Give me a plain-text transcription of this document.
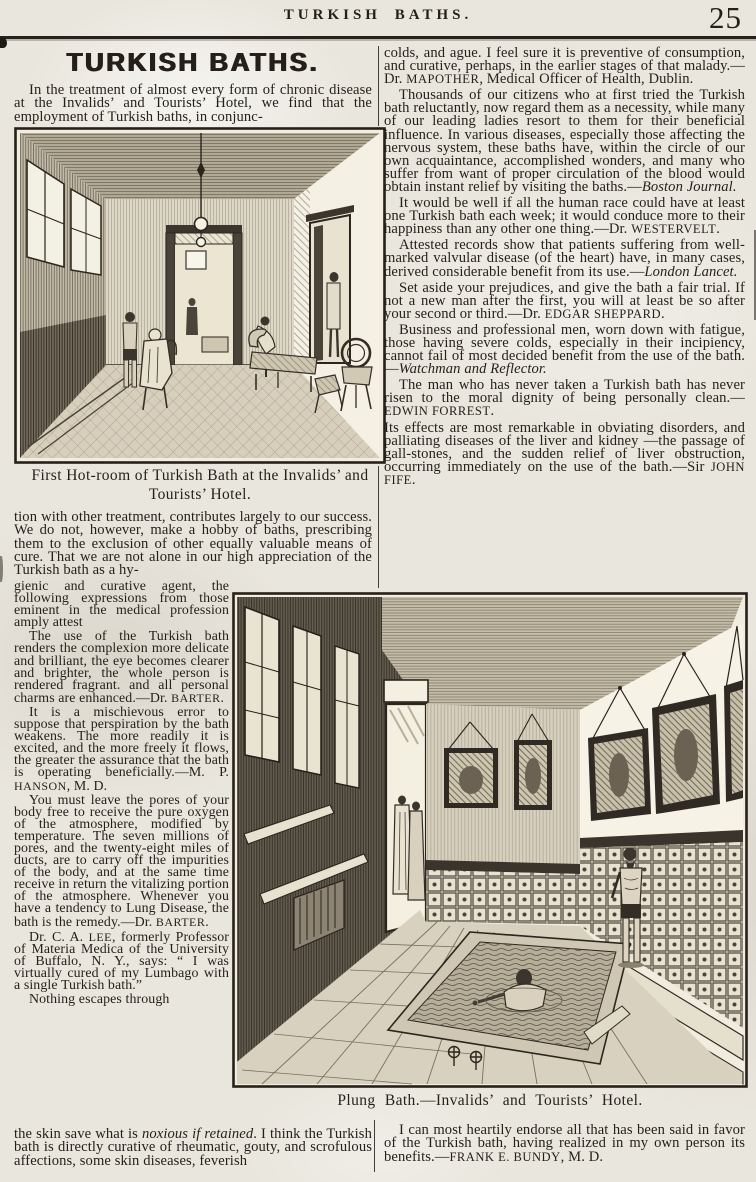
TURKISH BATHS.	25
TURKISH BATHS.

In the treatment of almost every form of chronic disease at the Invalids’ and Tourists’ Hotel, we find that the employment of Turkish baths, in conjunc-

First Hot-room of Turkish Bath at the Invalids’ and Tourists’ Hotel.

tion with other treatment, contributes largely to our success. We do not, however, make a hobby of baths, prescribing them to the exclusion of other equally valuable means of cure. That we are not alone in our high appreciation of the Turkish bath as a hy-

gienic and curative agent, the following expressions from those eminent in the medical profession amply attest

The use of the Turkish bath renders the complexion more delicate and brilliant, the eye becomes clearer and brighter, the whole person is rendered fragrant. and all personal charms are enhanced.—Dr. BARTER.

It is a mischievous error to suppose that perspiration by the bath weakens. The more readily it is excited, and the more freely it flows, the greater the assurance that the bath is operating beneficially.—M. P. HANSON, M. D.

You must leave the pores of your body free to receive the pure oxygen of the atmosphere, modified by temperature. The seven millions of pores, and the twenty-eight miles of ducts, are to carry off the impurities of the body, and at the same time receive in return the vitalizing portion of the atmosphere. Whenever you have a tendency to Lung Disease, the bath is the remedy.—Dr. BARTER.

Dr. C. A. LEE, formerly Professor of Materia Medica of the University of Buffalo, N. Y., says: “ I was virtually cured of my Lumbago with a single Turkish bath.”

Nothing escapes through

the skin save what is noxious if retained. I think the Turkish bath is directly curative of rheumatic, gouty, and scrofulous affections, some skin diseases, feverish

colds, and ague. I feel sure it is preventive of consumption, and curative, perhaps, in the earlier stages of that malady.—Dr. MAPOTHER, Medical Officer of Health, Dublin.

Thousands of our citizens who at first tried the Turkish bath reluctantly, now regard them as a necessity, while many of our leading ladies resort to them for their beneficial influence. In various diseases, especially those affecting the nervous system, these baths have, within the circle of our own acquaintance, accomplished wonders, and many who suffer from want of proper circulation of the blood would obtain instant relief by visiting the baths.—Boston Journal.

It would be well if all the human race could have at least one Turkish bath each week; it would conduce more to their happiness than any other one thing.—Dr. WESTERVELT.

Attested records show that patients suffering from well-marked valvular disease (of the heart) have, in many cases, derived considerable benefit from its use.—London Lancet.

Set aside your prejudices, and give the bath a fair trial. If not a new man after the first, you will at least be so after your second or third.—Dr. EDGAR SHEPPARD.

Business and professional men, worn down with fatigue, those having severe colds, especially in their incipiency, cannot fail of most decided benefit from the use of the bath.—Watchman and Reflector.

The man who has never taken a Turkish bath has never risen to the moral dignity of being personally clean.—EDWIN FORREST.

Its effects are most remarkable in obviating disorders, and palliating diseases of the liver and kidney —the passage of gall-stones, and the sudden relief of liver obstruction, occurring immediately on the use of the bath.—Sir JOHN FIFE.

Plung Bath.—Invalids’ and Tourists’ Hotel.

I can most heartily endorse all that has been said in favor of the Turkish bath, having realized in my own person its benefits.—FRANK E. BUNDY, M. D.
